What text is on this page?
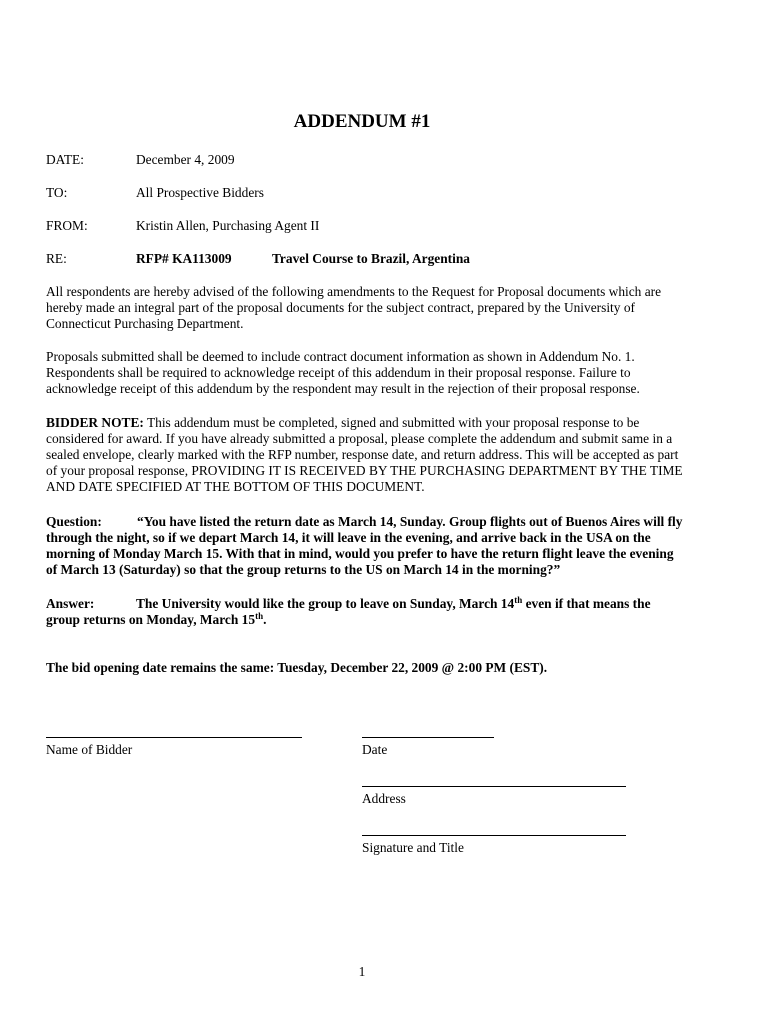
ADDENDUM #1
DATE:	December 4, 2009
TO:	All Prospective Bidders
FROM:	Kristin Allen, Purchasing Agent II
RE:	RFP# KA113009	Travel Course to Brazil, Argentina
All respondents are hereby advised of the following amendments to the Request for Proposal documents which are hereby made an integral part of the proposal documents for the subject contract, prepared by the University of Connecticut Purchasing Department.
Proposals submitted shall be deemed to include contract document information as shown in Addendum No. 1. Respondents shall be required to acknowledge receipt of this addendum in their proposal response. Failure to acknowledge receipt of this addendum by the respondent may result in the rejection of their proposal response.
BIDDER NOTE: This addendum must be completed, signed and submitted with your proposal response to be considered for award. If you have already submitted a proposal, please complete the addendum and submit same in a sealed envelope, clearly marked with the RFP number, response date, and return address. This will be accepted as part of your proposal response, PROVIDING IT IS RECEIVED BY THE PURCHASING DEPARTMENT BY THE TIME AND DATE SPECIFIED AT THE BOTTOM OF THIS DOCUMENT.
Question:	“You have listed the return date as March 14, Sunday. Group flights out of Buenos Aires will fly through the night, so if we depart March 14, it will leave in the evening, and arrive back in the USA on the morning of Monday March 15. With that in mind, would you prefer to have the return flight leave the evening of March 13 (Saturday) so that the group returns to the US on March 14 in the morning?”
Answer:	The University would like the group to leave on Sunday, March 14th even if that means the group returns on Monday, March 15th.
The bid opening date remains the same: Tuesday, December 22, 2009 @ 2:00 PM (EST).
Name of Bidder	Date
Address
Signature and Title
1
